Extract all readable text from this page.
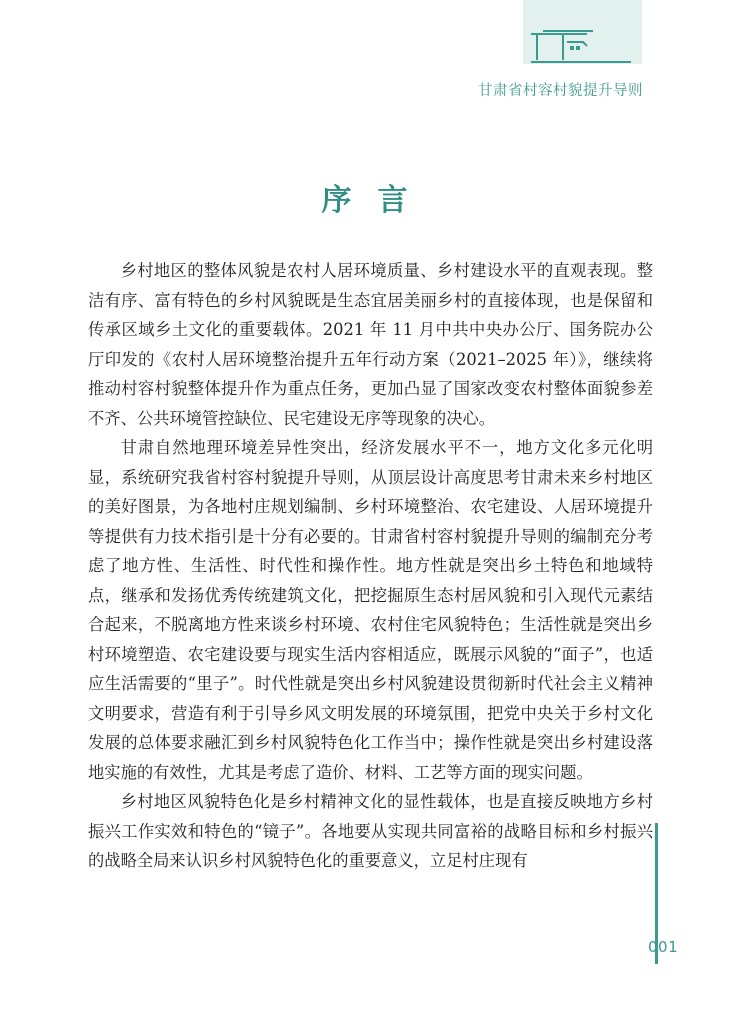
甘肃省村容村貌提升导则
序言

乡村地区的整体风貌是农村人居环境质量、乡村建设水平的直观表现。整洁有序、富有特色的乡村风貌既是生态宜居美丽乡村的直接体现，也是保留和传承区域乡土文化的重要载体。2021 年 11 月中共中央办公厅、国务院办公厅印发的《农村人居环境整治提升五年行动方案（2021–2025 年）》，继续将推动村容村貌整体提升作为重点任务，更加凸显了国家改变农村整体面貌参差不齐、公共环境管控缺位、民宅建设无序等现象的决心。

甘肃自然地理环境差异性突出，经济发展水平不一，地方文化多元化明显，系统研究我省村容村貌提升导则，从顶层设计高度思考甘肃未来乡村地区的美好图景，为各地村庄规划编制、乡村环境整治、农宅建设、人居环境提升等提供有力技术指引是十分有必要的。甘肃省村容村貌提升导则的编制充分考虑了地方性、生活性、时代性和操作性。地方性就是突出乡土特色和地域特点，继承和发扬优秀传统建筑文化，把挖掘原生态村居风貌和引入现代元素结合起来，不脱离地方性来谈乡村环境、农村住宅风貌特色；生活性就是突出乡村环境塑造、农宅建设要与现实生活内容相适应，既展示风貌的“面子”，也适应生活需要的“里子”。时代性就是突出乡村风貌建设贯彻新时代社会主义精神文明要求，营造有利于引导乡风文明发展的环境氛围，把党中央关于乡村文化发展的总体要求融汇到乡村风貌特色化工作当中；操作性就是突出乡村建设落地实施的有效性，尤其是考虑了造价、材料、工艺等方面的现实问题。

乡村地区风貌特色化是乡村精神文化的显性载体，也是直接反映地方乡村振兴工作实效和特色的“镜子”。各地要从实现共同富裕的战略目标和乡村振兴的战略全局来认识乡村风貌特色化的重要意义，立足村庄现有

001
